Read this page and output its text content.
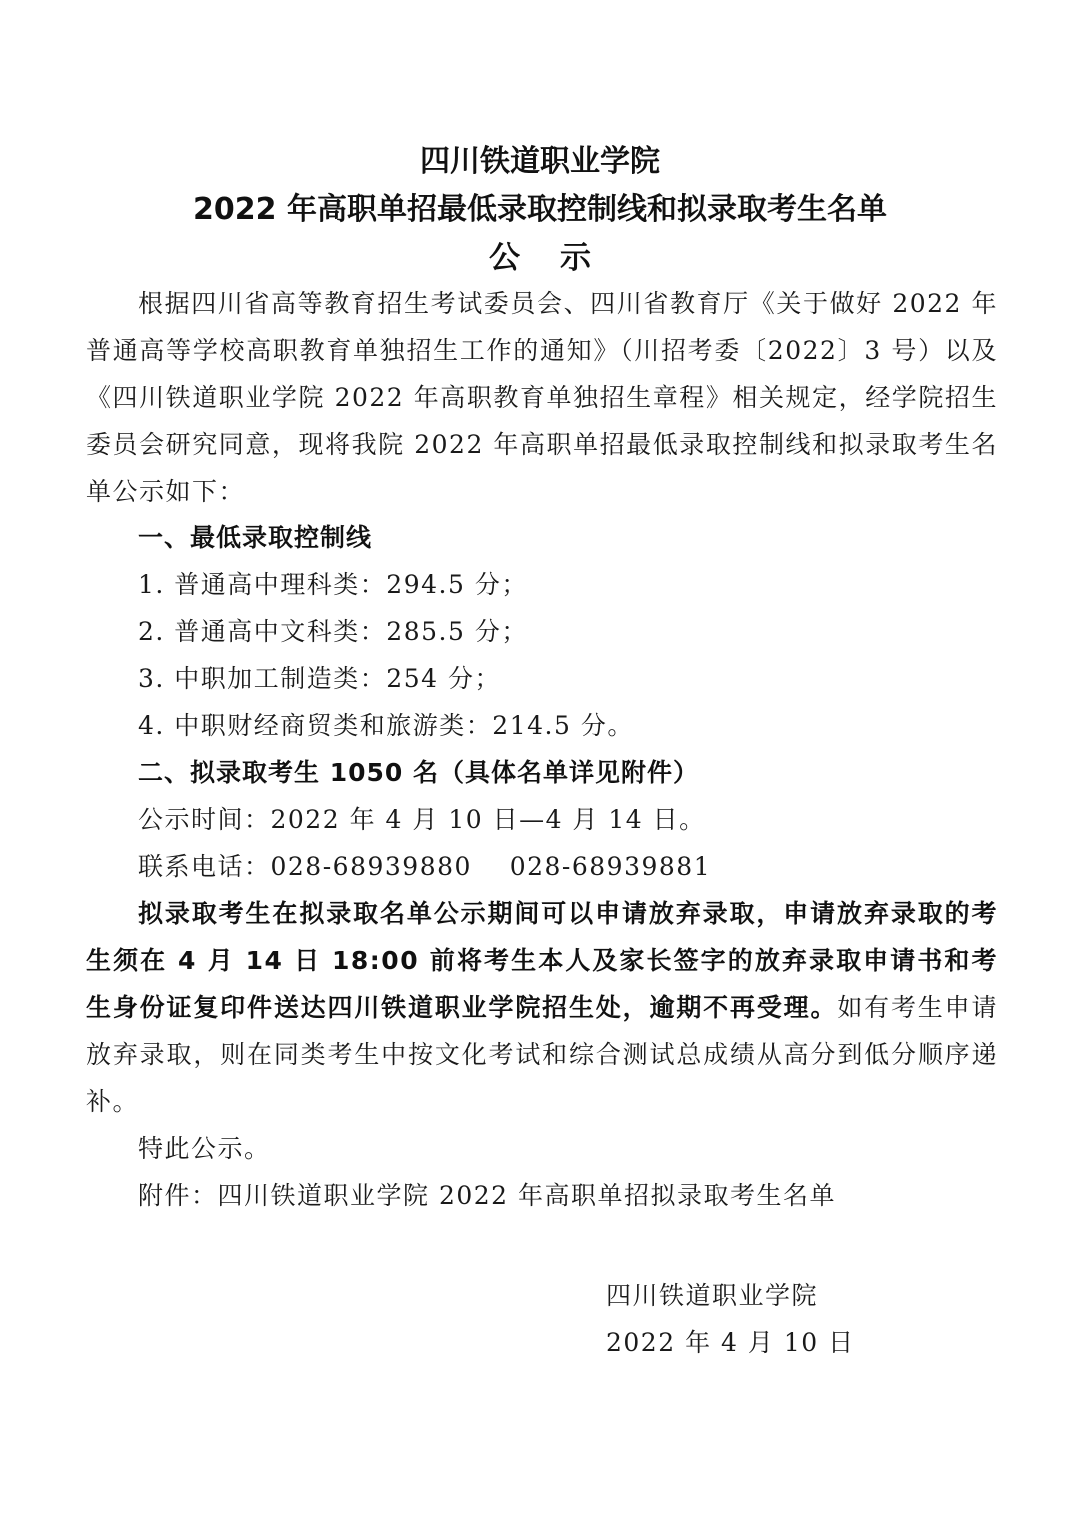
四川铁道职业学院
2022 年高职单招最低录取控制线和拟录取考生名单
公示

根据四川省高等教育招生考试委员会、四川省教育厅《关于做好 2022 年普通高等学校高职教育单独招生工作的通知》（川招考委〔2022〕3 号）以及《四川铁道职业学院 2022 年高职教育单独招生章程》相关规定，经学院招生委员会研究同意，现将我院 2022 年高职单招最低录取控制线和拟录取考生名单公示如下：

一、最低录取控制线

1. 普通高中理科类：294.5 分；

2. 普通高中文科类：285.5 分；

3. 中职加工制造类：254 分；

4. 中职财经商贸类和旅游类：214.5 分。

二、拟录取考生 1050 名（具体名单详见附件）

公示时间：2022 年 4 月 10 日—4 月 14 日。

联系电话：028-68939880    028-68939881

拟录取考生在拟录取名单公示期间可以申请放弃录取，申请放弃录取的考生须在 4 月 14 日 18:00 前将考生本人及家长签字的放弃录取申请书和考生身份证复印件送达四川铁道职业学院招生处，逾期不再受理。如有考生申请放弃录取，则在同类考生中按文化考试和综合测试总成绩从高分到低分顺序递补。

特此公示。

附件：四川铁道职业学院 2022 年高职单招拟录取考生名单

四川铁道职业学院

2022 年 4 月 10 日
